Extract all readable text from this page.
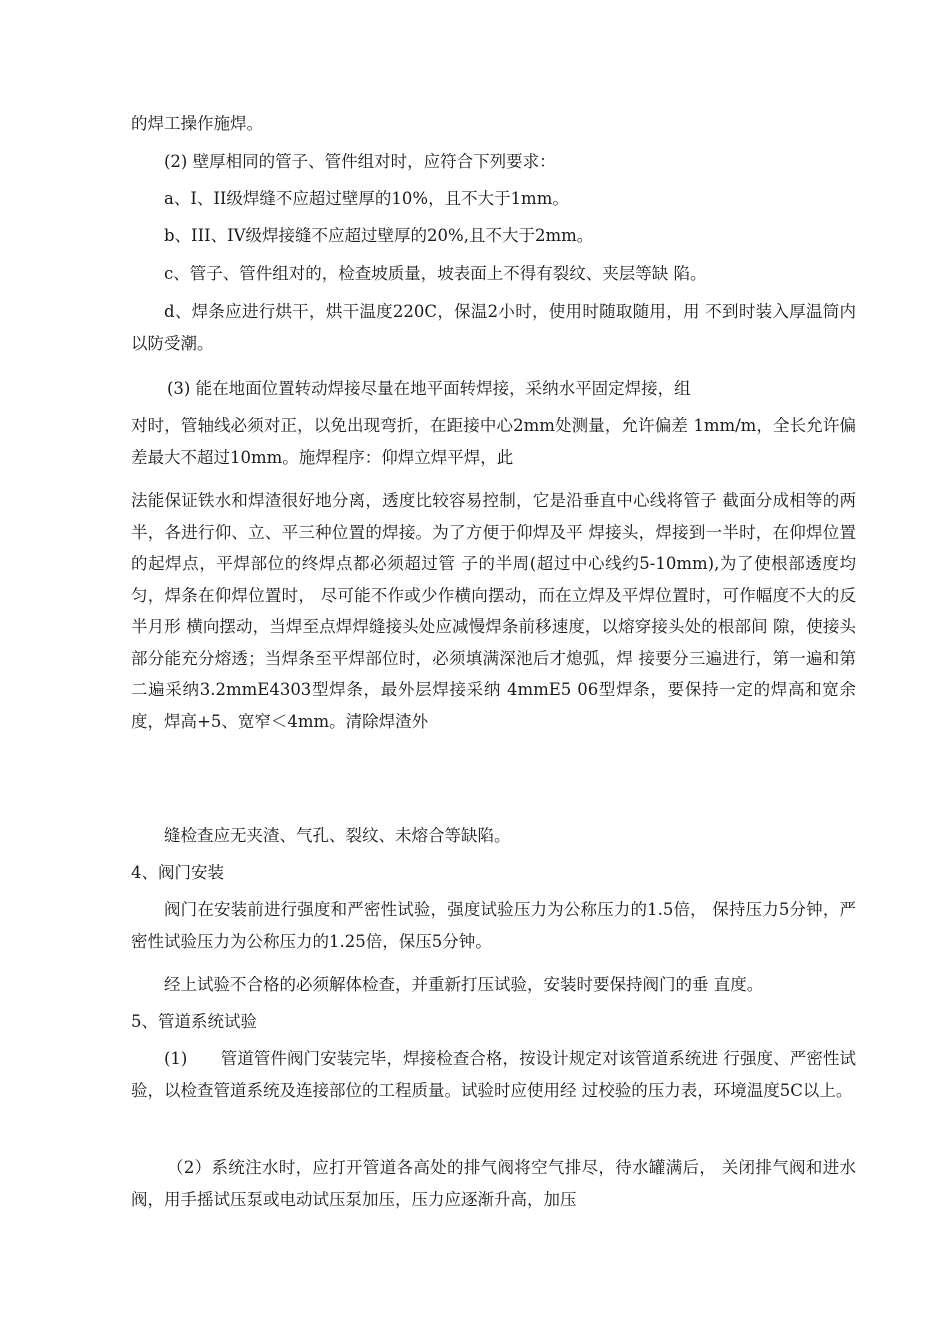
的焊工操作施焊。

(2) 壁厚相同的管子、管件组对时，应符合下列要求：

a、I、II级焊缝不应超过壁厚的10%，且不大于1mm。

b、III、IV级焊接缝不应超过壁厚的20%,且不大于2mm。

c、管子、管件组对的，检查坡质量，坡表面上不得有裂纹、夹层等缺 陷。

d、焊条应进行烘干，烘干温度220C，保温2小时，使用时随取随用，用 不到时装入厚温筒内以防受潮。

(3) 能在地面位置转动焊接尽量在地平面转焊接，采纳水平固定焊接，组

对时，管轴线必须对正，以免出现弯折，在距接中心2mm处测量，允许偏差 1mm/m，全长允许偏差最大不超过10mm。施焊程序：仰焊立焊平焊，此

法能保证铁水和焊渣很好地分离，透度比较容易控制，它是沿垂直中心线将管子 截面分成相等的两半，各进行仰、立、平三种位置的焊接。为了方便于仰焊及平 焊接头，焊接到一半时，在仰焊位置的起焊点，平焊部位的终焊点都必须超过管 子的半周(超过中心线约5-10mm),为了使根部透度均匀，焊条在仰焊位置时， 尽可能不作或少作横向摆动，而在立焊及平焊位置时，可作幅度不大的反半月形 横向摆动，当焊至点焊焊缝接头处应减慢焊条前移速度，以熔穿接头处的根部间 隙，使接头部分能充分熔透；当焊条至平焊部位时，必须填满深池后才熄弧，焊 接要分三遍进行，第一遍和第二遍采纳3.2mmE4303型焊条，最外层焊接采纳 4mmE5 06型焊条，要保持一定的焊高和宽余度，焊高+5、宽窄＜4mm。清除焊渣外

缝检查应无夹渣、气孔、裂纹、未熔合等缺陷。

4、阀门安装

阀门在安装前进行强度和严密性试验，强度试验压力为公称压力的1.5倍， 保持压力5分钟，严密性试验压力为公称压力的1.25倍，保压5分钟。

经上试验不合格的必须解体检查，并重新打压试验，安装时要保持阀门的垂 直度。

5、管道系统试验

(1)　　管道管件阀门安装完毕，焊接检查合格，按设计规定对该管道系统进 行强度、严密性试验，以检查管道系统及连接部位的工程质量。试验时应使用经 过校验的压力表，环境温度5C以上。

（2）系统注水时，应打开管道各高处的排气阀将空气排尽，待水罐满后， 关闭排气阀和进水阀，用手摇试压泵或电动试压泵加压，压力应逐渐升高，加压
